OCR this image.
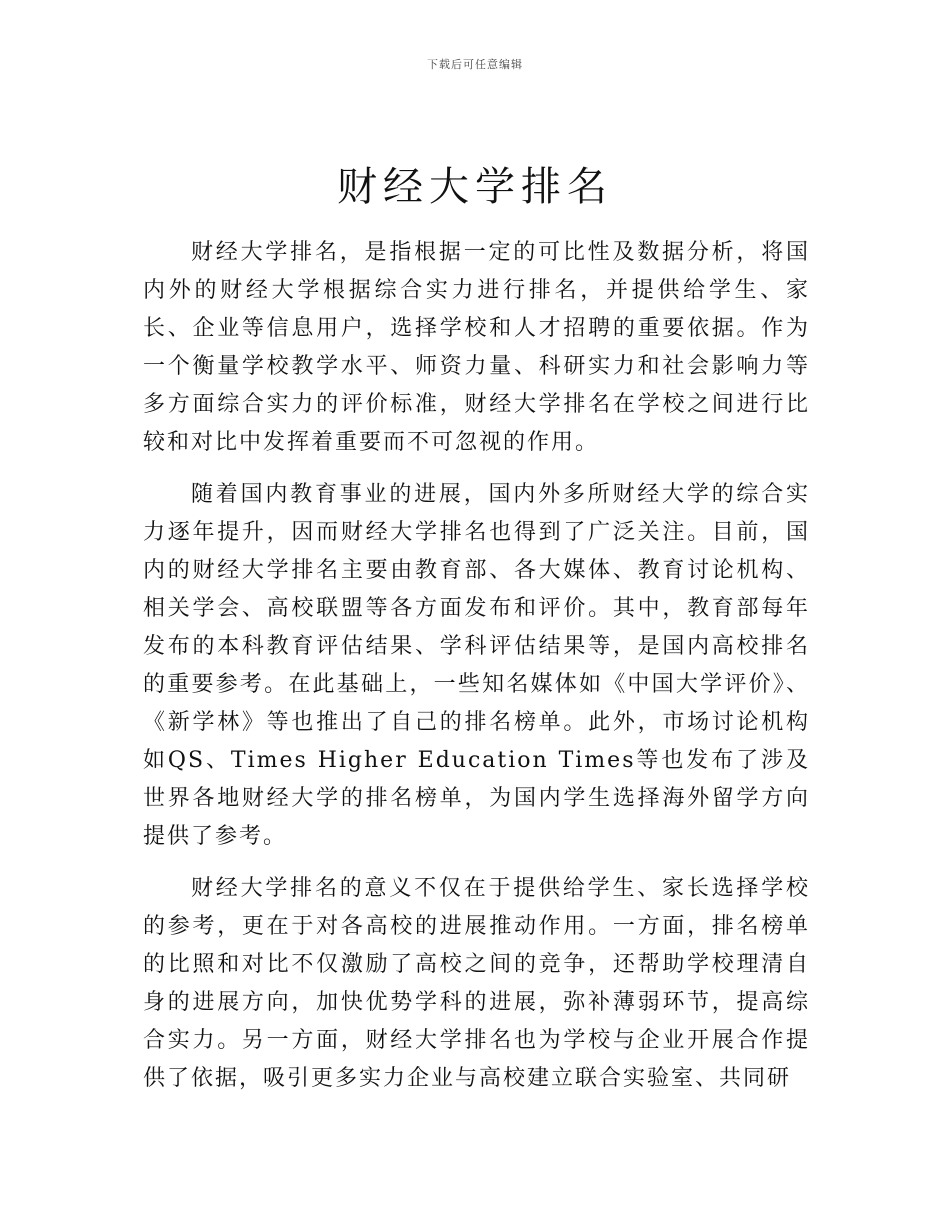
下载后可任意编辑
财经大学排名

财经大学排名，是指根据一定的可比性及数据分析，将国内外的财经大学根据综合实力进行排名，并提供给学生、家长、企业等信息用户，选择学校和人才招聘的重要依据。作为一个衡量学校教学水平、师资力量、科研实力和社会影响力等多方面综合实力的评价标准，财经大学排名在学校之间进行比较和对比中发挥着重要而不可忽视的作用。

随着国内教育事业的进展，国内外多所财经大学的综合实力逐年提升，因而财经大学排名也得到了广泛关注。目前，国内的财经大学排名主要由教育部、各大媒体、教育讨论机构、相关学会、高校联盟等各方面发布和评价。其中，教育部每年发布的本科教育评估结果、学科评估结果等，是国内高校排名的重要参考。在此基础上，一些知名媒体如《中国大学评价》、《新学林》等也推出了自己的排名榜单。此外，市场讨论机构如QS、Times Higher Education Times等也发布了涉及世界各地财经大学的排名榜单，为国内学生选择海外留学方向提供了参考。

财经大学排名的意义不仅在于提供给学生、家长选择学校的参考，更在于对各高校的进展推动作用。一方面，排名榜单的比照和对比不仅激励了高校之间的竞争，还帮助学校理清自身的进展方向，加快优势学科的进展，弥补薄弱环节，提高综合实力。另一方面，财经大学排名也为学校与企业开展合作提供了依据，吸引更多实力企业与高校建立联合实验室、共同研
